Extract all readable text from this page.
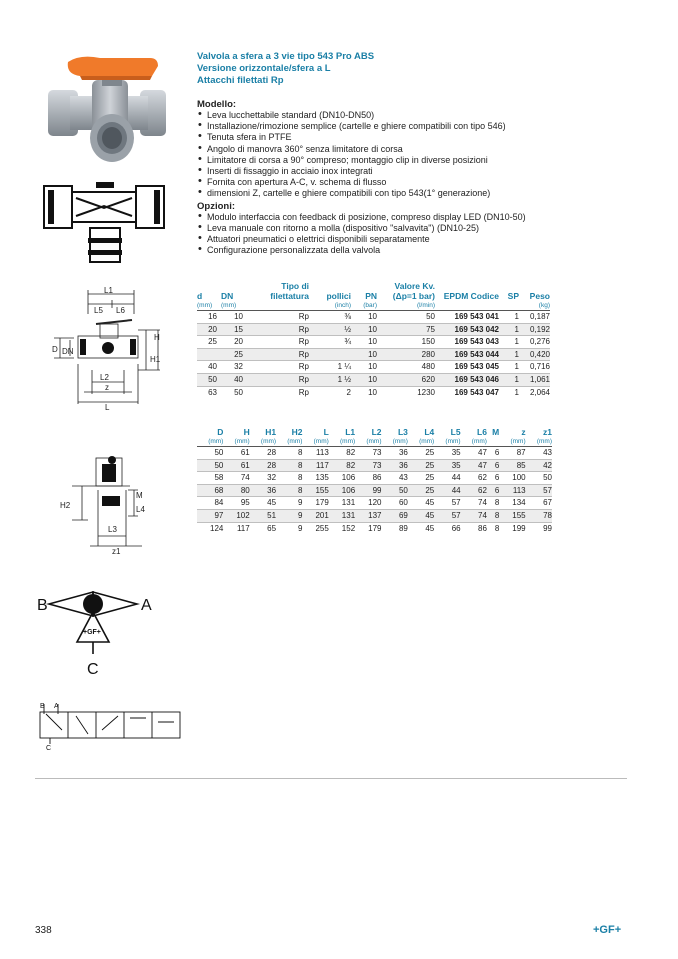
Valvola a sfera a 3 vie tipo 543 Pro ABS
Versione orizzontale/sfera a L
Attacchi filettati Rp
Modello:
• Leva lucchettabile standard (DN10-DN50)
• Installazione/rimozione semplice (cartelle e ghiere compatibili con tipo 546)
• Tenuta sfera in PTFE
• Angolo di manovra 360° senza limitatore di corsa
• Limitatore di corsa a 90° compreso; montaggio clip in diverse posizioni
• Inserti di fissaggio in acciaio inox integrati
• Fornita con apertura A-C, v. schema di flusso
• dimensioni Z, cartelle e ghiere compatibili con tipo 543(1° generazione)
Opzioni:
• Modulo interfaccia con feedback di posizione, compreso display LED (DN10-50)
• Leva manuale con ritorno a molla (dispositivo "salvavita") (DN10-25)
• Attuatori pneumatici o elettrici disponibili separatamente
• Configurazione personalizzata della valvola
L1
L5 L6
H
H1
D DN
L2
z
L
H2
M
L4
L3
z1
B	A
C
+GF+
B A
C
d	DN	Tipo di filettatura	pollici	PN	Valore Kv. (Δp=1 bar)	EPDM Codice	SP	Peso
(mm)	(mm)		(inch)	(bar)	(l/min)			(kg)
16	10	Rp	⅜	10	50	169 543 041	1	0,187
20	15	Rp	½	10	75	169 543 042	1	0,192
25	20	Rp	¾	10	150	169 543 043	1	0,276
	25	Rp		10	280	169 543 044	1	0,420
40	32	Rp	1 ¼	10	480	169 543 045	1	0,716
50	40	Rp	1 ½	10	620	169 543 046	1	1,061
63	50	Rp	2	10	1230	169 543 047	1	2,064
D	H	H1	H2	L	L1	L2	L3	L4	L5	L6	M	z	z1
(mm)	(mm)	(mm)	(mm)	(mm)	(mm)	(mm)	(mm)	(mm)	(mm)	(mm)		(mm)	(mm)
50	61	28	8	113	82	73	36	25	35	47	6	87	43
50	61	28	8	117	82	73	36	25	35	47	6	85	42
58	74	32	8	135	106	86	43	25	44	62	6	100	50
68	80	36	8	155	106	99	50	25	44	62	6	113	57
84	95	45	9	179	131	120	60	45	57	74	8	134	67
97	102	51	9	201	131	137	69	45	57	74	8	155	78
124	117	65	9	255	152	179	89	45	66	86	8	199	99
338	+GF+
